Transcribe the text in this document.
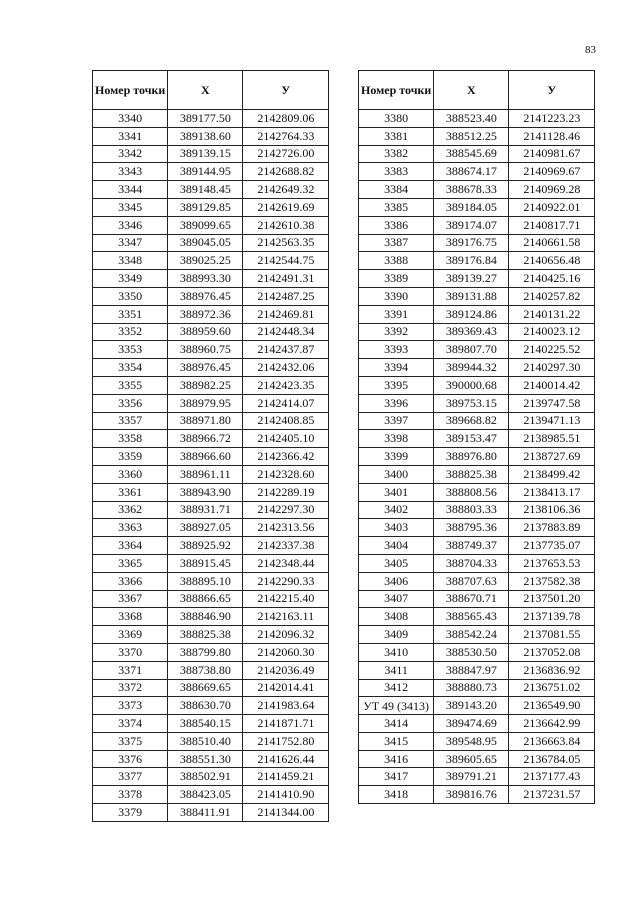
83
Номер точки	X	У
3340	389177.50	2142809.06
3341	389138.60	2142764.33
3342	389139.15	2142726.00
3343	389144.95	2142688.82
3344	389148.45	2142649.32
3345	389129.85	2142619.69
3346	389099.65	2142610.38
3347	389045.05	2142563.35
3348	389025.25	2142544.75
3349	388993.30	2142491.31
3350	388976.45	2142487.25
3351	388972.36	2142469.81
3352	388959.60	2142448.34
3353	388960.75	2142437.87
3354	388976.45	2142432.06
3355	388982.25	2142423.35
3356	388979.95	2142414.07
3357	388971.80	2142408.85
3358	388966.72	2142405.10
3359	388966.60	2142366.42
3360	388961.11	2142328.60
3361	388943.90	2142289.19
3362	388931.71	2142297.30
3363	388927.05	2142313.56
3364	388925.92	2142337.38
3365	388915.45	2142348.44
3366	388895.10	2142290.33
3367	388866.65	2142215.40
3368	388846.90	2142163.11
3369	388825.38	2142096.32
3370	388799.80	2142060.30
3371	388738.80	2142036.49
3372	388669.65	2142014.41
3373	388630.70	2141983.64
3374	388540.15	2141871.71
3375	388510.40	2141752.80
3376	388551.30	2141626.44
3377	388502.91	2141459.21
3378	388423.05	2141410.90
3379	388411.91	2141344.00
Номер точки	X	У
3380	388523.40	2141223.23
3381	388512.25	2141128.46
3382	388545.69	2140981.67
3383	388674.17	2140969.67
3384	388678.33	2140969.28
3385	389184.05	2140922.01
3386	389174.07	2140817.71
3387	389176.75	2140661.58
3388	389176.84	2140656.48
3389	389139.27	2140425.16
3390	389131.88	2140257.82
3391	389124.86	2140131.22
3392	389369.43	2140023.12
3393	389807.70	2140225.52
3394	389944.32	2140297.30
3395	390000.68	2140014.42
3396	389753.15	2139747.58
3397	389668.82	2139471.13
3398	389153.47	2138985.51
3399	388976.80	2138727.69
3400	388825.38	2138499.42
3401	388808.56	2138413.17
3402	388803.33	2138106.36
3403	388795.36	2137883.89
3404	388749.37	2137735.07
3405	388704.33	2137653.53
3406	388707.63	2137582.38
3407	388670.71	2137501.20
3408	388565.43	2137139.78
3409	388542.24	2137081.55
3410	388530.50	2137052.08
3411	388847.97	2136836.92
3412	388880.73	2136751.02
УТ 49 (3413)	389143.20	2136549.90

3414	389474.69	2136642.99
3415	389548.95	2136663.84
3416	389605.65	2136784.05
3417	389791.21	2137177.43
3418	389816.76	2137231.57
